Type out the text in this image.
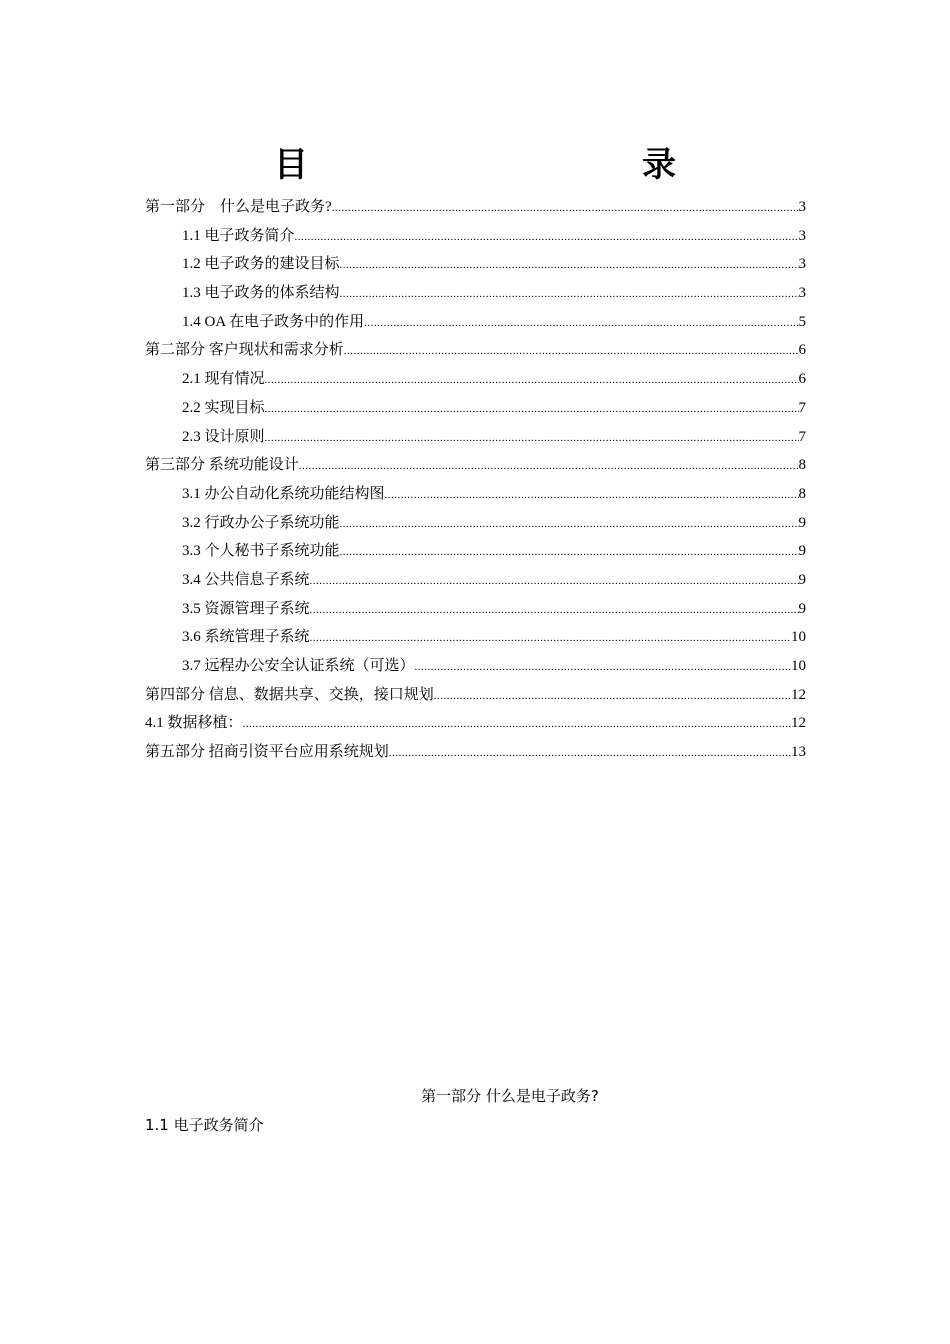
目　录
第一部分　什么是电子政务? .....	3
1.1 电子政务简介 .....	3
1.2 电子政务的建设目标 .....	3
1.3 电子政务的体系结构 .....	3
1.4 OA 在电子政务中的作用 .....	5
第二部分 客户现状和需求分析 .....	6
2.1 现有情况 .....	6
2.2 实现目标 .....	7
2.3 设计原则 .....	7
第三部分 系统功能设计 .....	8
3.1 办公自动化系统功能结构图 .....	8
3.2 行政办公子系统功能 .....	9
3.3 个人秘书子系统功能 .....	9
3.4 公共信息子系统 .....	9
3.5 资源管理子系统 .....	9
3.6 系统管理子系统 .....	10
3.7 远程办公安全认证系统（可选） .....	10
第四部分 信息、数据共享、交换，接口规划 .....	12
4.1 数据移植： .....	12
第五部分 招商引资平台应用系统规划 .....	13
第一部分 什么是电子政务?
1.1 电子政务简介
